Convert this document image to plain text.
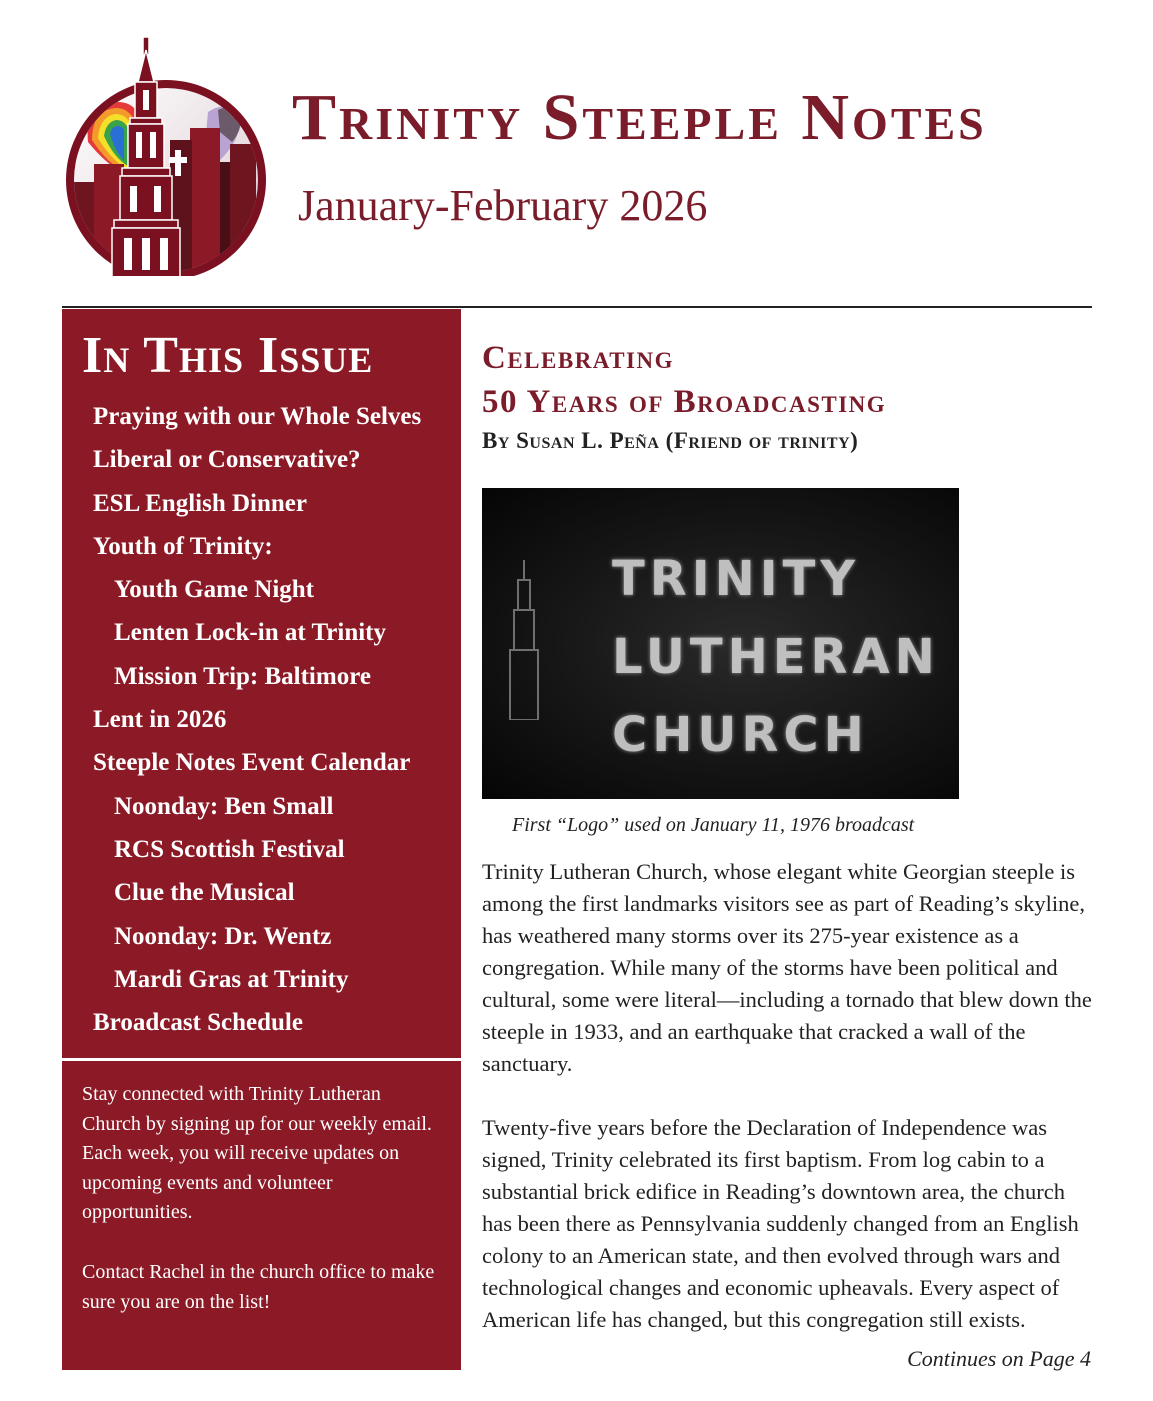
Trinity Steeple Notes
January-February 2026
In This Issue
Praying with our Whole Selves
Liberal or Conservative?
ESL English Dinner
Youth of Trinity:
Youth Game Night
Lenten Lock-in at Trinity
Mission Trip: Baltimore
Lent in 2026
Steeple Notes Event Calendar
Noonday: Ben Small
RCS Scottish Festival
Clue the Musical
Noonday: Dr. Wentz
Mardi Gras at Trinity
Broadcast Schedule

Stay connected with Trinity Lutheran Church by signing up for our weekly email. Each week, you will receive updates on upcoming events and volunteer opportunities.

Contact Rachel in the church office to make sure you are on the list!

Celebrating
50 Years of Broadcasting
By Susan L. Peña (Friend of trinity)
TRINITY
LUTHERAN
CHURCH
First “Logo” used on January 11, 1976 broadcast

Trinity Lutheran Church, whose elegant white Georgian steeple is among the first landmarks visitors see as part of Reading’s skyline, has weathered many storms over its 275-year existence as a congregation. While many of the storms have been political and cultural, some were literal—including a tornado that blew down the steeple in 1933, and an earthquake that cracked a wall of the sanctuary.

Twenty-five years before the Declaration of Independence was signed, Trinity celebrated its first baptism. From log cabin to a substantial brick edifice in Reading’s downtown area, the church has been there as Pennsylvania suddenly changed from an English colony to an American state, and then evolved through wars and technological changes and economic upheavals. Every aspect of American life has changed, but this congregation still exists.

Continues on Page 4
